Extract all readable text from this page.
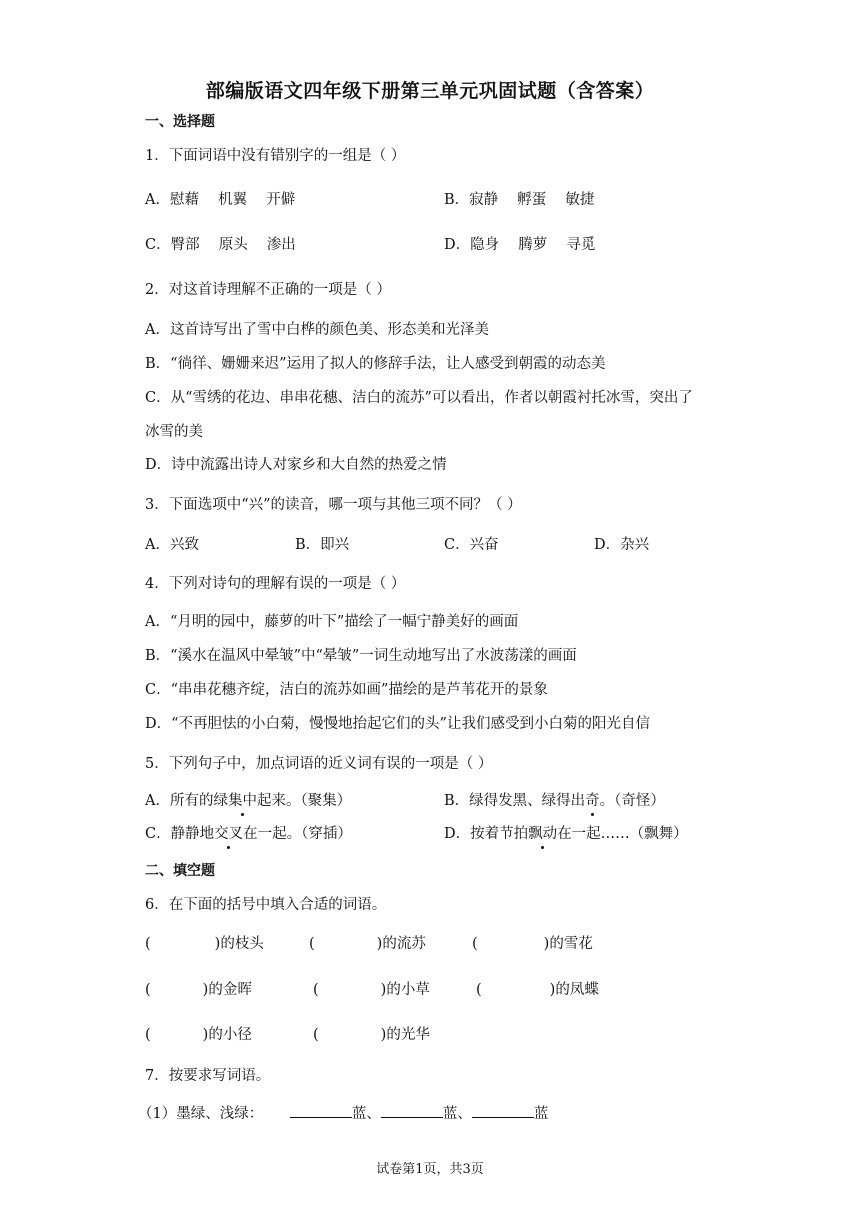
部编版语文四年级下册第三单元巩固试题（含答案）
一、选择题
1．下面词语中没有错别字的一组是（ ）
A．慰藉　 机翼　 开僻	B．寂静　 孵蛋　 敏捷
C．臀部　 原头　 渗出	D．隐身　 腾萝　 寻觅
2．对这首诗理解不正确的一项是（ ）
A．这首诗写出了雪中白桦的颜色美、形态美和光泽美
B．“徜徉、姗姗来迟”运用了拟人的修辞手法，让人感受到朝霞的动态美
C．从“雪绣的花边、串串花穗、洁白的流苏”可以看出，作者以朝霞衬托冰雪，突出了
冰雪的美
D．诗中流露出诗人对家乡和大自然的热爱之情
3．下面选项中“兴”的读音，哪一项与其他三项不同？（ ）
A．兴致	B．即兴	C．兴奋	D．杂兴
4．下列对诗句的理解有误的一项是（ ）
A．“月明的园中，藤萝的叶下”描绘了一幅宁静美好的画面
B．“溪水在温风中晕皱”中“晕皱”一词生动地写出了水波荡漾的画面
C．“串串花穗齐绽，洁白的流苏如画”描绘的是芦苇花开的景象
D．“不再胆怯的小白菊，慢慢地抬起它们的头”让我们感受到小白菊的阳光自信
5．下列句子中，加点词语的近义词有误的一项是（ ）
A．所有的绿集中起来。（聚集）	B．绿得发黑、绿得出奇。（奇怪）
C．静静地交叉在一起。（穿插）	D．按着节拍飘动在一起……（飘舞）
二、填空题
6．在下面的括号中填入合适的词语。
(	)的枝头	(	)的流苏	(	)的雪花
(	)的金晖	(	)的小草	(	)的凤蝶
(	)的小径	(	)的光华
7．按要求写词语。
（1）墨绿、浅绿：	蓝、	蓝、	蓝
试卷第1页，共3页
